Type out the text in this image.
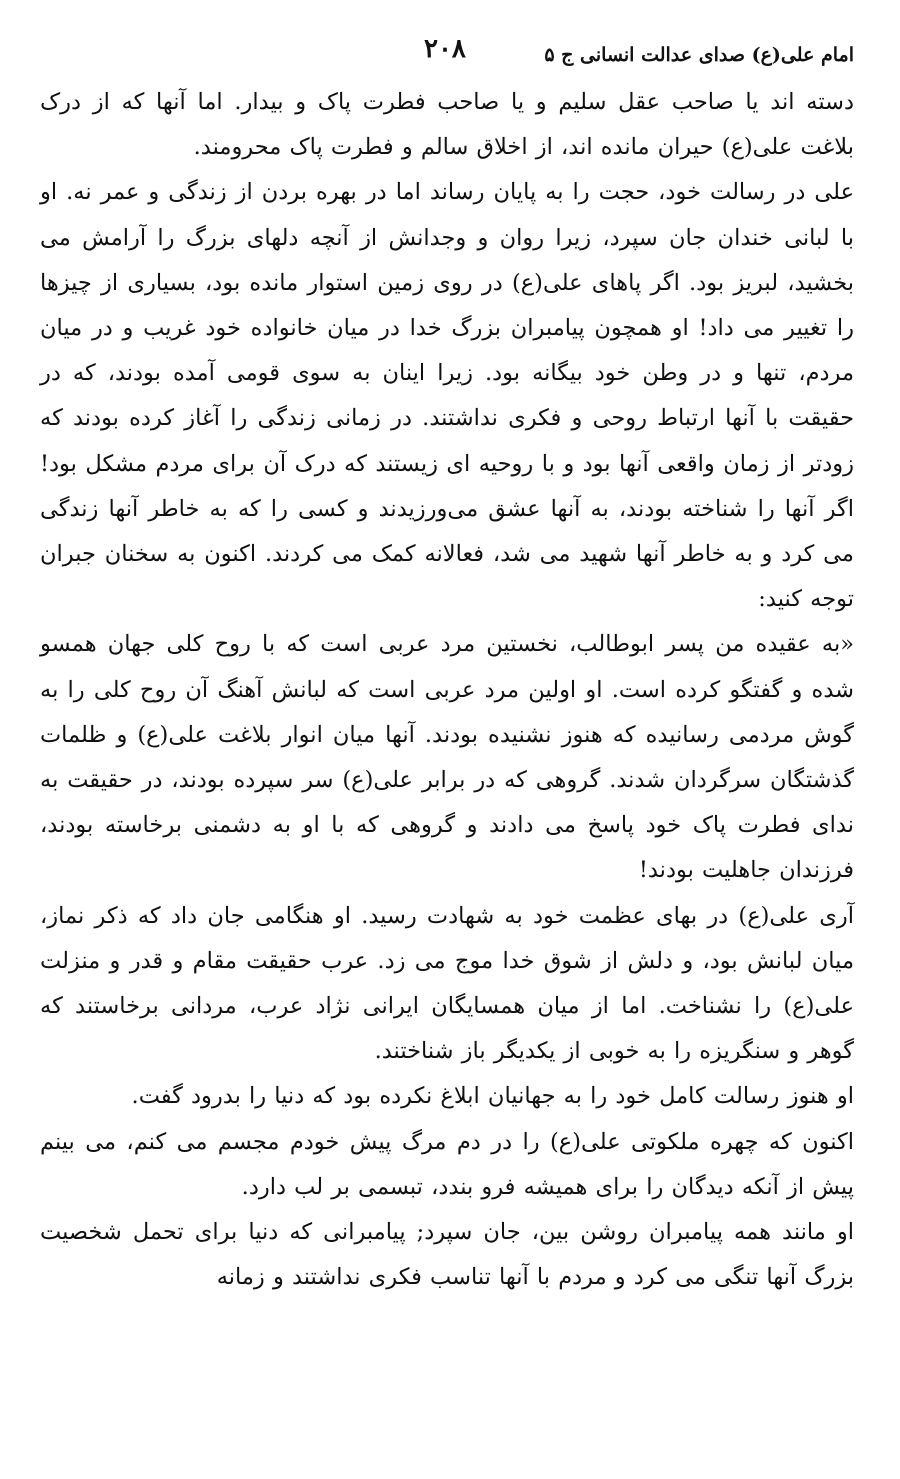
امام علی(ع) صدای عدالت انسانی ج ۵
۲۰۸

دسته اند یا صاحب عقل سلیم و یا صاحب فطرت پاک و بیدار. اما آنها که از درک بلاغت علی(ع) حیران مانده اند، از اخلاق سالم و فطرت پاک محرومند.

علی در رسالت خود، حجت را به پایان رساند اما در بهره بردن از زندگی و عمر نه. او با لبانی خندان جان سپرد، زیرا روان و وجدانش از آنچه دلهای بزرگ را آرامش می بخشید، لبریز بود. اگر پاهای علی(ع) در روی زمین استوار مانده بود، بسیاری از چیزها را تغییر می داد! او همچون پیامبران بزرگ خدا در میان خانواده خود غریب و در میان مردم، تنها و در وطن خود بیگانه بود. زیرا اینان به سوی قومی آمده بودند، که در حقیقت با آنها ارتباط روحی و فکری نداشتند. در زمانی زندگی را آغاز کرده بودند که زودتر از زمان واقعی آنها بود و با روحیه ای زیستند که درک آن برای مردم مشکل بود! اگر آنها را شناخته بودند، به آنها عشق می‌ورزیدند و کسی را که به خاطر آنها زندگی می کرد و به خاطر آنها شهید می شد، فعالانه کمک می کردند. اکنون به سخنان جبران توجه کنید:

«به عقیده من پسر ابوطالب، نخستین مرد عربی است که با روح کلی جهان همسو شده و گفتگو کرده است. او اولین مرد عربی است که لبانش آهنگ آن روح کلی را به گوش مردمی رسانیده که هنوز نشنیده بودند. آنها میان انوار بلاغت علی(ع) و ظلمات گذشتگان سرگردان شدند. گروهی که در برابر علی(ع) سر سپرده بودند، در حقیقت به ندای فطرت پاک خود پاسخ می دادند و گروهی که با او به دشمنی برخاسته بودند، فرزندان جاهلیت بودند!

آری علی(ع) در بهای عظمت خود به شهادت رسید. او هنگامی جان داد که ذکر نماز، میان لبانش بود، و دلش از شوق خدا موج می زد. عرب حقیقت مقام و قدر و منزلت علی(ع) را نشناخت. اما از میان همسایگان ایرانی نژاد عرب، مردانی برخاستند که گوهر و سنگریزه را به خوبی از یکدیگر باز شناختند.

او هنوز رسالت کامل خود را به جهانیان ابلاغ نکرده بود که دنیا را بدرود گفت.

اکنون که چهره ملکوتی علی(ع) را در دم مرگ پیش خودم مجسم می کنم، می بینم پیش از آنکه دیدگان را برای همیشه فرو بندد، تبسمی بر لب دارد.

او مانند همه پیامبران روشن بین، جان سپرد; پیامبرانی که دنیا برای تحمل شخصیت بزرگ آنها تنگی می کرد و مردم با آنها تناسب فکری نداشتند و زمانه
